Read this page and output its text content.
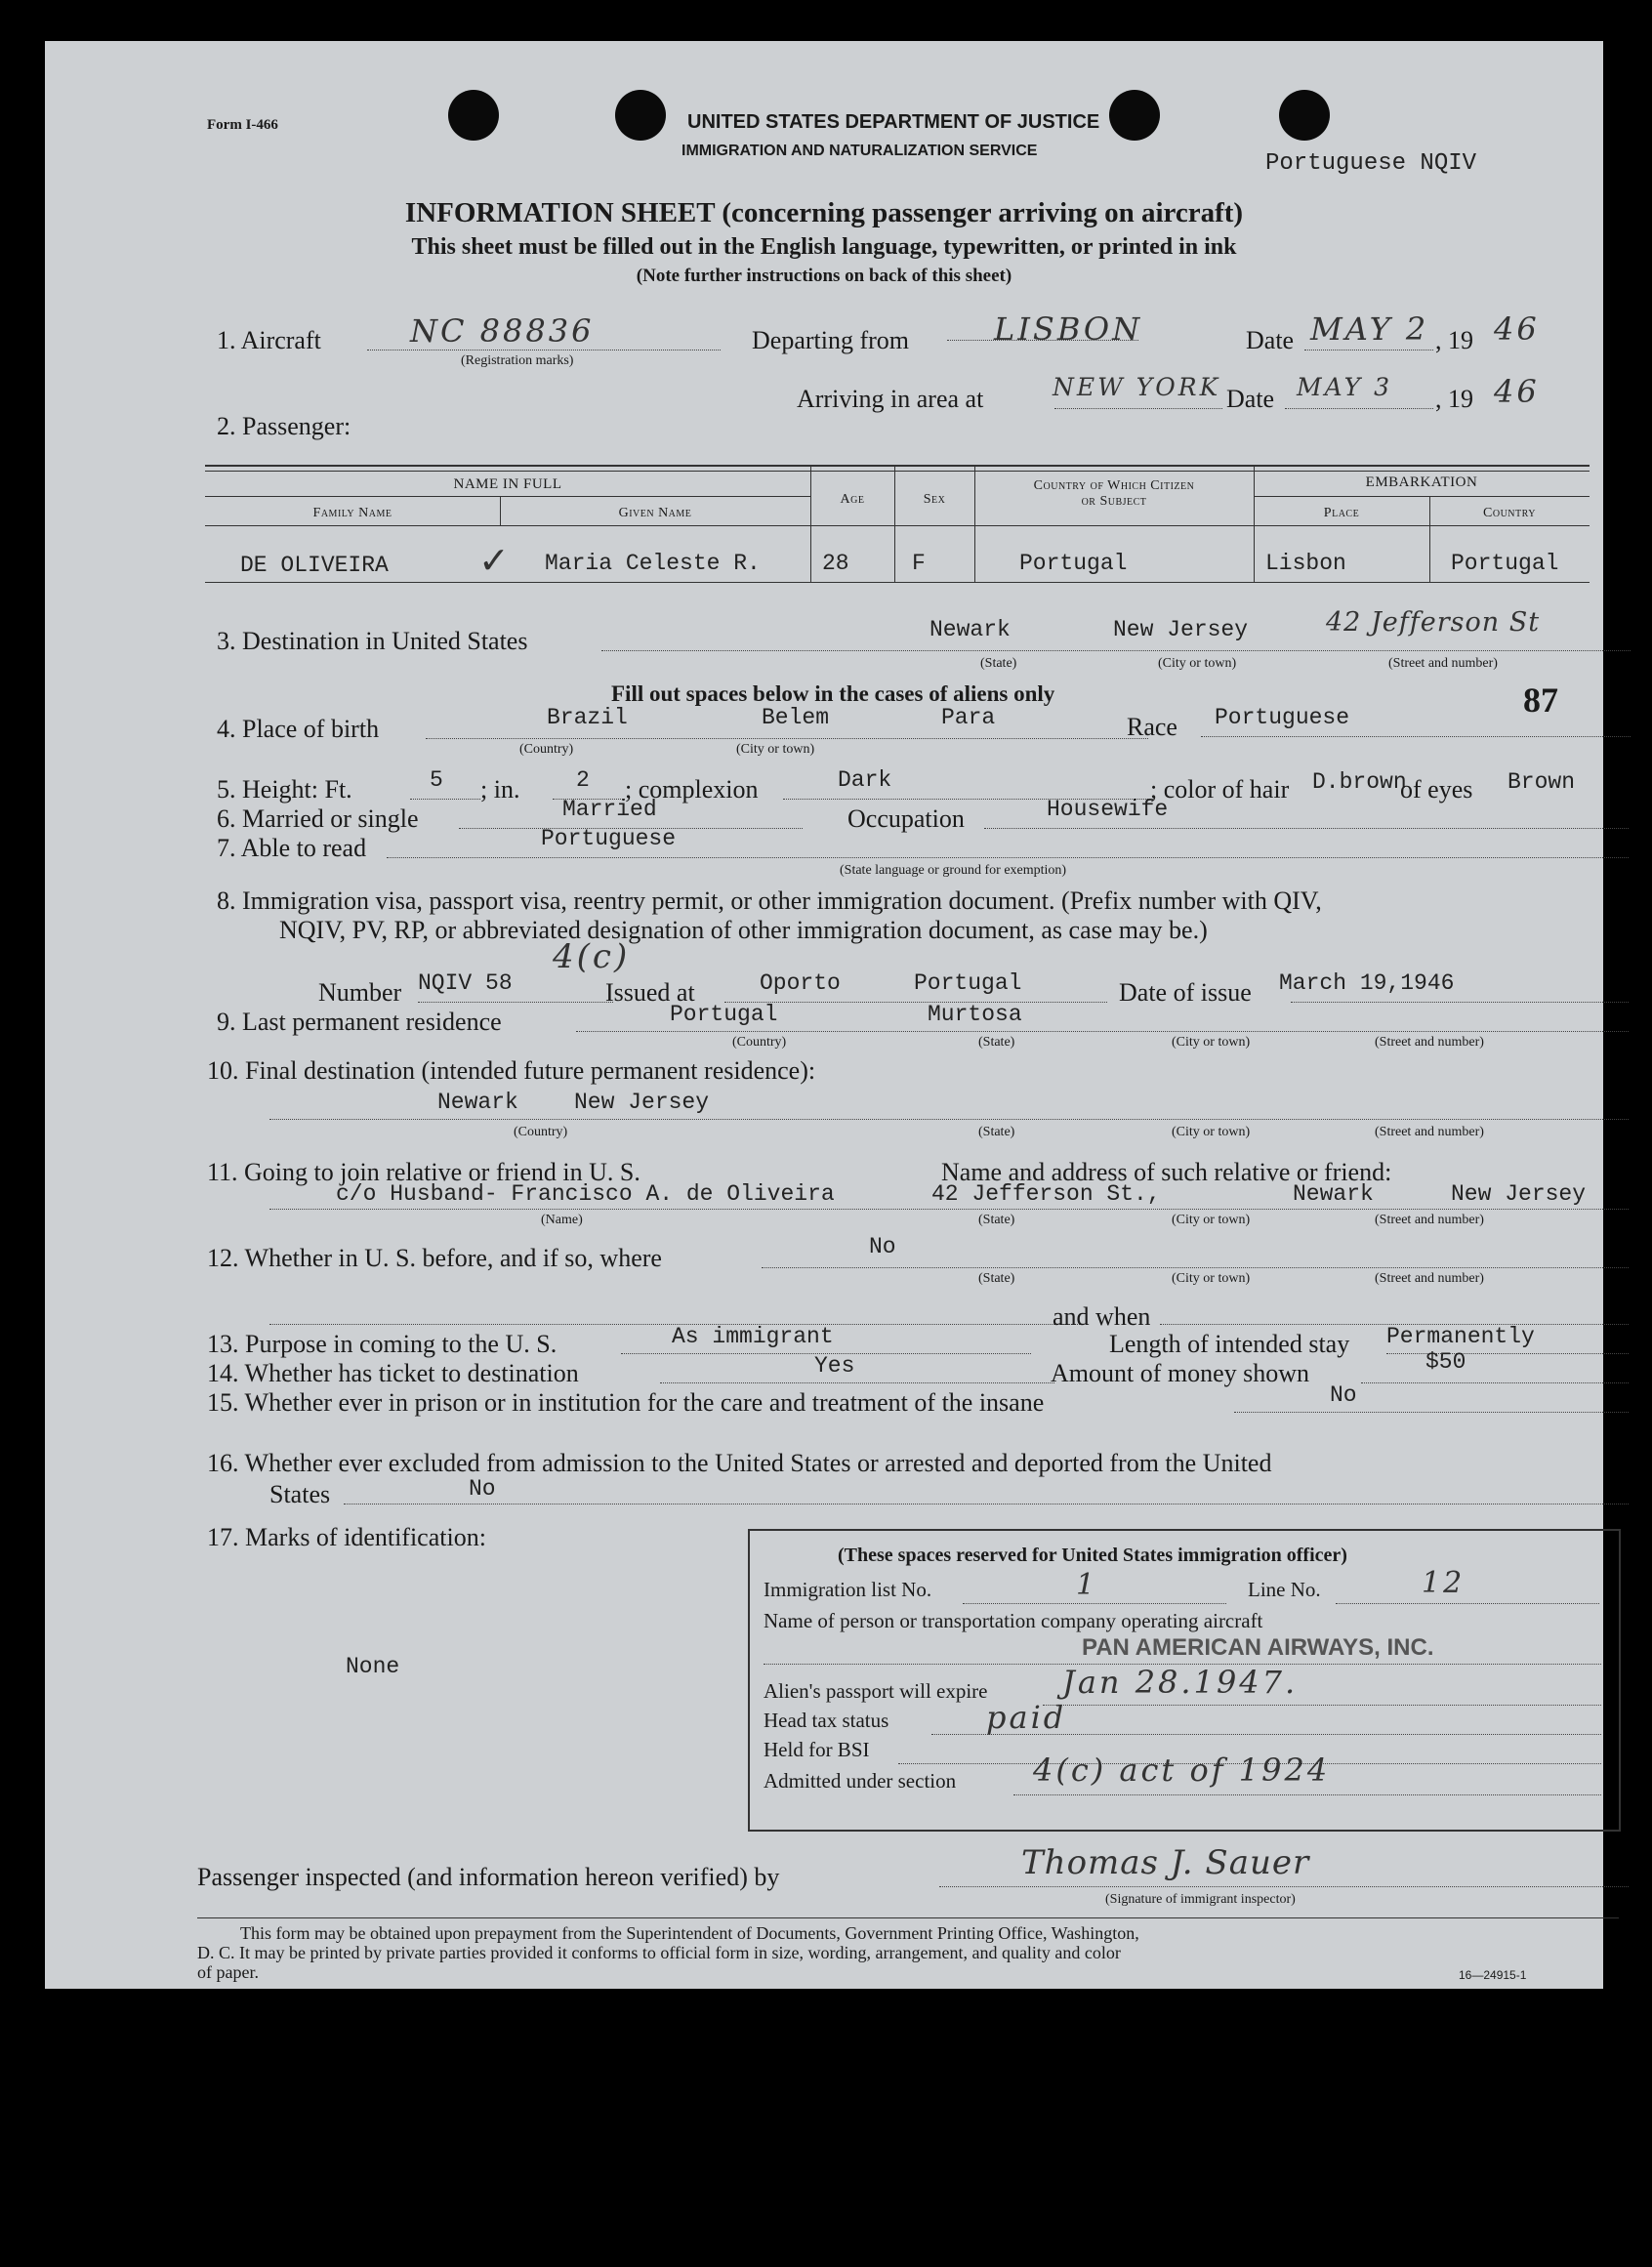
Form I-466	UNITED STATES DEPARTMENT OF JUSTICE
IMMIGRATION AND NATURALIZATION SERVICE	Portuguese NQIV
INFORMATION SHEET (concerning passenger arriving on aircraft)
This sheet must be filled out in the English language, typewritten, or printed in ink
(Note further instructions on back of this sheet)
1. Aircraft	NC 88836
(Registration marks)
Departing from	LISBON	Date MAY 2 , 19 46
Arriving in area at	NEW YORK Date MAY 3 , 19 46
2. Passenger:
NAME IN FULL
Family Name	Given Name
Age	Sex
Country of Which Citizen
or Subject
EMBARKATION
Place	Country
DE OLIVEIRA ✓ Maria Celeste R.	28	F	Portugal	Lisbon	Portugal
3. Destination in United States	Newark	New Jersey	42 Jefferson St
(State)	(City or town)	(Street and number)
Fill out spaces below in the cases of aliens only	87
4. Place of birth	Brazil	Belem	Para
(Country)	(City or town)
Race Portuguese
5. Height: Ft.	5 ; in.	2 ; complexion	Dark	; color of hair D.brown
of eyes Brown
6. Married or single	Married	Occupation	Housewife
7. Able to read	Portuguese
(State language or ground for exemption)
8. Immigration visa, passport visa, reentry permit, or other immigration document. (Prefix number with QIV,
NQIV, PV, RP, or abbreviated designation of other immigration document, as case may be.)
Number NQIV 58
4(c)
Issued at	Oporto	Portugal	Date of issue March 19,1946
9. Last permanent residence	Portugal	Murtosa
(Country)	(State)	(City or town)	(Street and number)
10. Final destination (intended future permanent residence):
Newark New Jersey
(Country)	(State)	(City or town)	(Street and number)
11. Going to join relative or friend in U. S.	Name and address of such relative or friend:
c/o Husband- Francisco A. de Oliveira	42 Jefferson St.,	Newark	New Jersey
(Name)	(State)	(City or town)	(Street and number)
12. Whether in U. S. before, and if so, where	No
(State)	(City or town)	(Street and number)
and when
13. Purpose in coming to the U. S.	As immigrant	Length of intended stay Permanently
14. Whether has ticket to destination	Yes	Amount of money shown	$50
15. Whether ever in prison or in institution for the care and treatment of the insane	No
16. Whether ever excluded from admission to the United States or arrested and deported from the United
States	No
17. Marks of identification:
None
(These spaces reserved for United States immigration officer)
Immigration list No.	1	Line No.	12
Name of person or transportation company operating aircraft
PAN AMERICAN AIRWAYS, INC.
Alien's passport will expire Jan 28.1947.
Head tax status	paid
Held for BSI
Admitted under section 4(c) act of 1924
Passenger inspected (and information hereon verified) by	Thomas J. Sauer
(Signature of immigrant inspector)
This form may be obtained upon prepayment from the Superintendent of Documents, Government Printing Office, Washington,
D. C. It may be printed by private parties provided it conforms to official form in size, wording, arrangement, and quality and color
of paper.	16—24915-1
